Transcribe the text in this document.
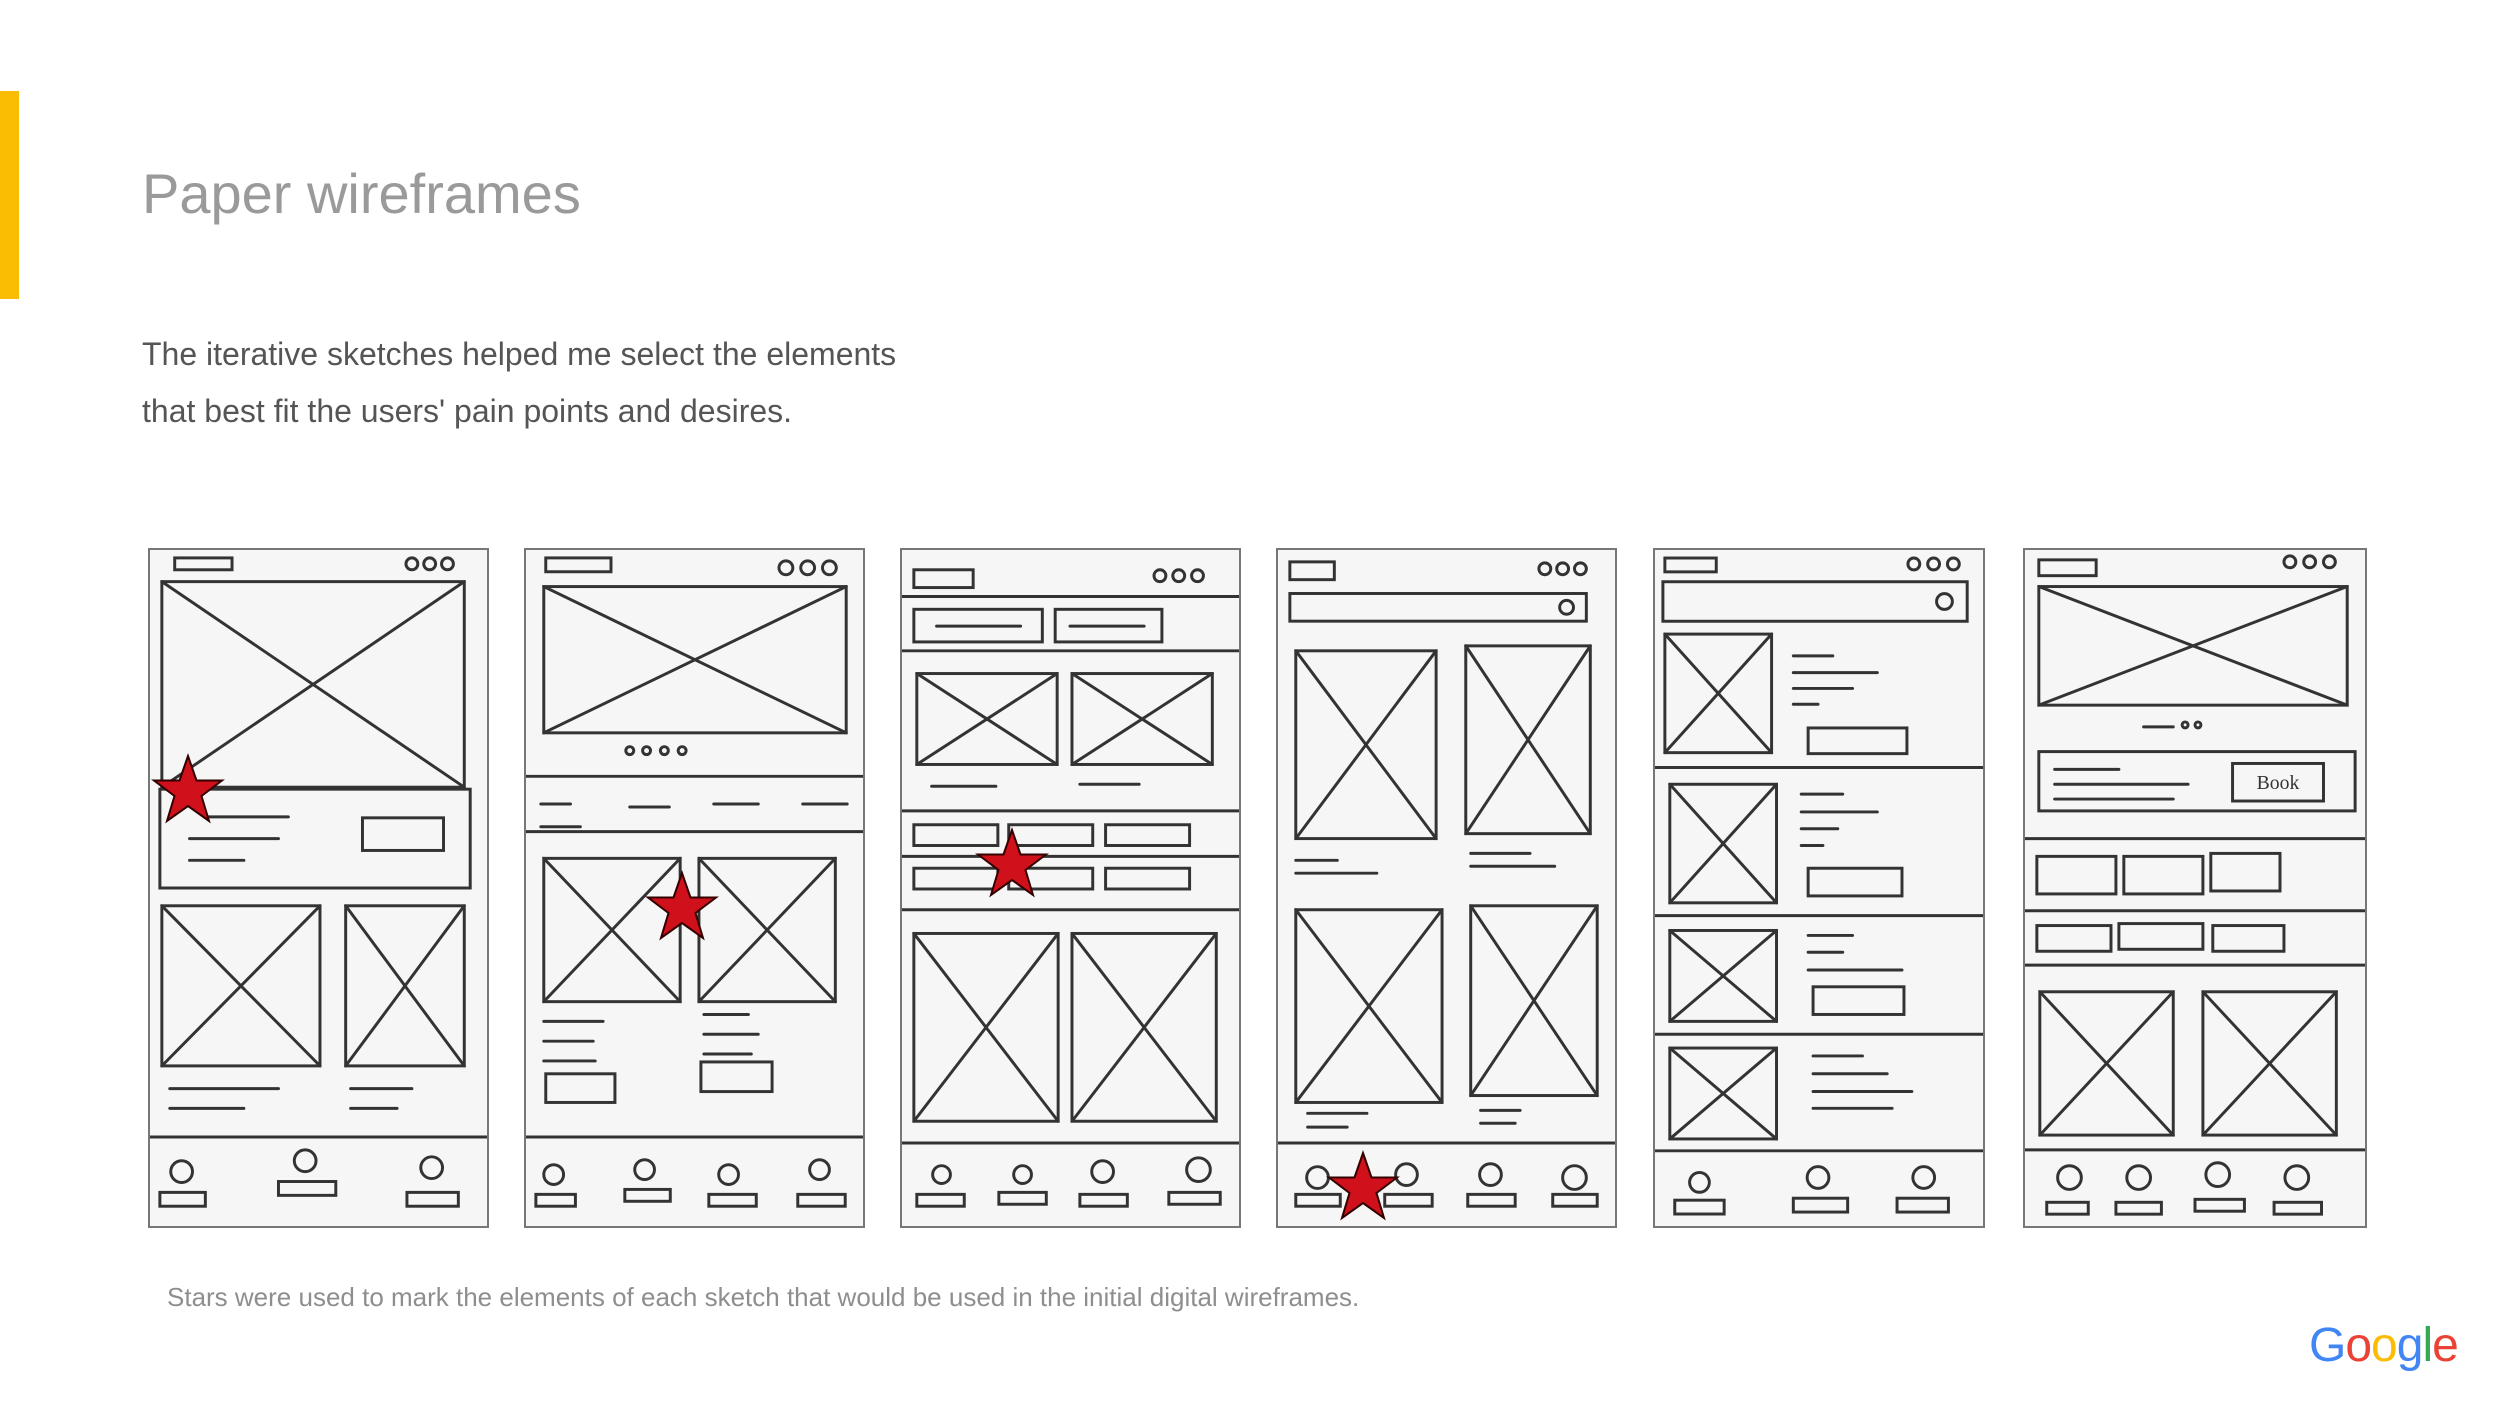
Paper wireframes

The iterative sketches helped me select the elements
that best fit the users' pain points and desires.

Book

Stars were used to mark the elements of each sketch that would be used in the initial digital wireframes.

Google
